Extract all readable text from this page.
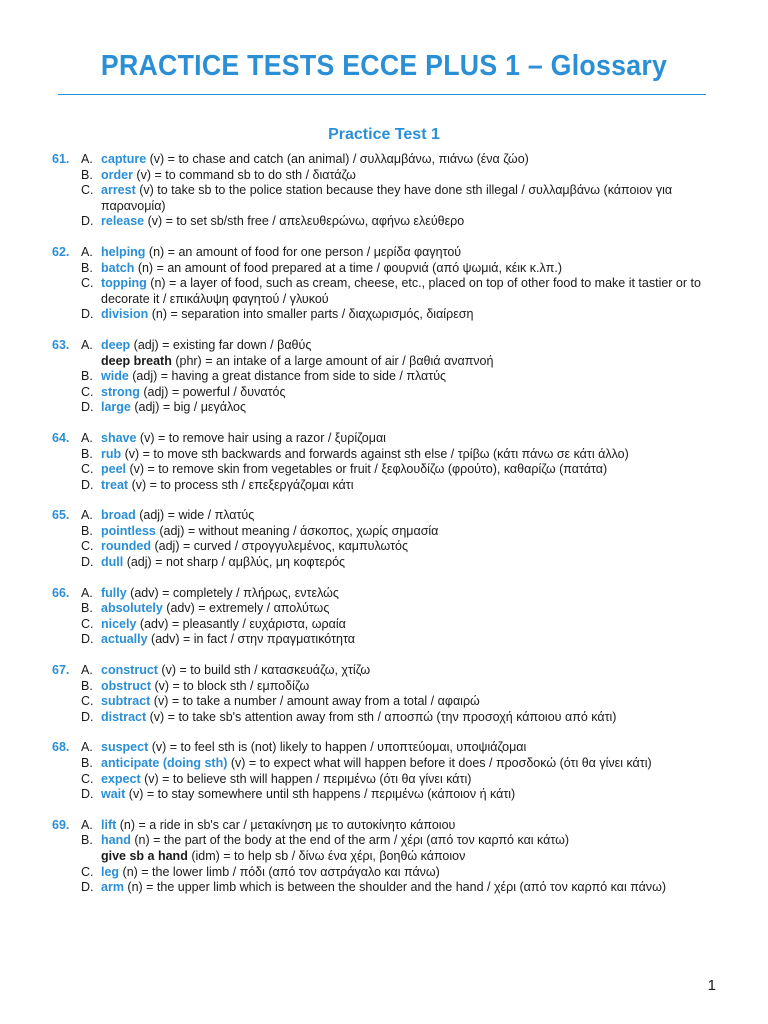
PRACTICE TESTS ECCE PLUS 1 – Glossary
Practice Test 1
61. A. capture (v) = to chase and catch (an animal) / συλλαμβάνω, πιάνω (ένα ζώο)
B. order (v) = to command sb to do sth / διατάζω
C. arrest (v) to take sb to the police station because they have done sth illegal / συλλαμβάνω (κάποιον για παρανομία)
D. release (v) = to set sb/sth free / απελευθερώνω, αφήνω ελεύθερο
62. A. helping (n) = an amount of food for one person / μερίδα φαγητού
B. batch (n) = an amount of food prepared at a time / φουρνιά (από ψωμιά, κέικ κ.λπ.)
C. topping (n) = a layer of food, such as cream, cheese, etc., placed on top of other food to make it tastier or to decorate it / επικάλυψη φαγητού / γλυκού
D. division (n) = separation into smaller parts / διαχωρισμός, διαίρεση
63. A. deep (adj) = existing far down / βαθύς
deep breath (phr) = an intake of a large amount of air / βαθιά αναπνοή
B. wide (adj) = having a great distance from side to side / πλατύς
C. strong (adj) = powerful / δυνατός
D. large (adj) = big / μεγάλος
64. A. shave (v) = to remove hair using a razor / ξυρίζομαι
B. rub (v) = to move sth backwards and forwards against sth else / τρίβω (κάτι πάνω σε κάτι άλλο)
C. peel (v) = to remove skin from vegetables or fruit / ξεφλουδίζω (φρούτο), καθαρίζω (πατάτα)
D. treat (v) = to process sth / επεξεργάζομαι κάτι
65. A. broad (adj) = wide / πλατύς
B. pointless (adj) = without meaning / άσκοπος, χωρίς σημασία
C. rounded (adj) = curved / στρογγυλεμένος, καμπυλωτός
D. dull (adj) = not sharp / αμβλύς, μη κοφτερός
66. A. fully (adv) = completely / πλήρως, εντελώς
B. absolutely (adv) = extremely / απολύτως
C. nicely (adv) = pleasantly / ευχάριστα, ωραία
D. actually (adv) = in fact / στην πραγματικότητα
67. A. construct (v) = to build sth / κατασκευάζω, χτίζω
B. obstruct (v) = to block sth / εμποδίζω
C. subtract (v) = to take a number / amount away from a total / αφαιρώ
D. distract (v) = to take sb's attention away from sth / αποσπώ (την προσοχή κάποιου από κάτι)
68. A. suspect (v) = to feel sth is (not) likely to happen / υποπτεύομαι, υποψιάζομαι
B. anticipate (doing sth) (v) = to expect what will happen before it does / προσδοκώ (ότι θα γίνει κάτι)
C. expect (v) = to believe sth will happen / περιμένω (ότι θα γίνει κάτι)
D. wait (v) = to stay somewhere until sth happens / περιμένω (κάποιον ή κάτι)
69. A. lift (n) = a ride in sb's car / μετακίνηση με το αυτοκίνητο κάποιου
B. hand (n) = the part of the body at the end of the arm / χέρι (από τον καρπό και κάτω)
give sb a hand (idm) = to help sb / δίνω ένα χέρι, βοηθώ κάποιον
C. leg (n) = the lower limb / πόδι (από τον αστράγαλο και πάνω)
D. arm (n) = the upper limb which is between the shoulder and the hand / χέρι (από τον καρπό και πάνω)
1
